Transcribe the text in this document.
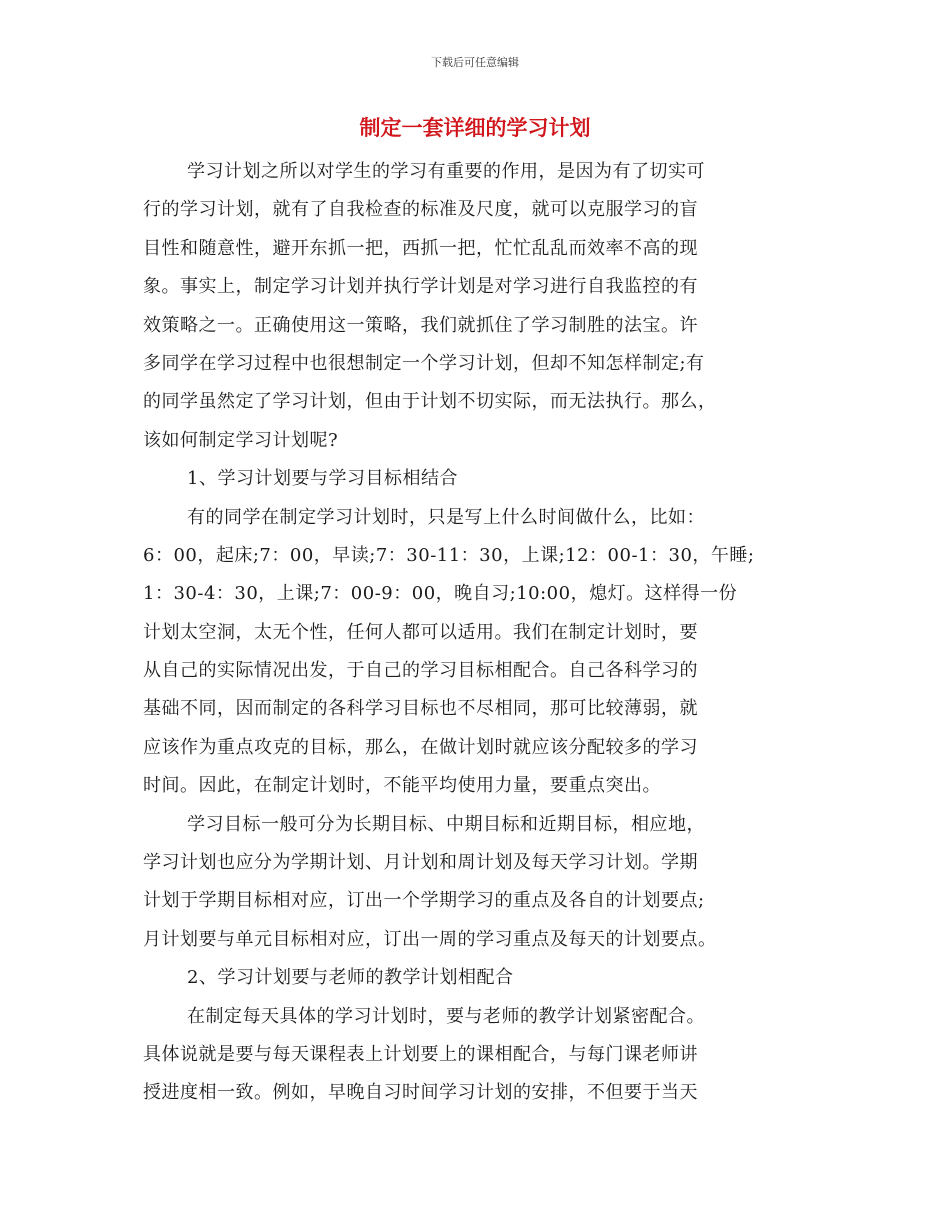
下载后可任意编辑
制定一套详细的学习计划
学习计划之所以对学生的学习有重要的作用，是因为有了切实可
行的学习计划，就有了自我检查的标准及尺度，就可以克服学习的盲
目性和随意性，避开东抓一把，西抓一把，忙忙乱乱而效率不高的现
象。事实上，制定学习计划并执行学计划是对学习进行自我监控的有
效策略之一。正确使用这一策略，我们就抓住了学习制胜的法宝。许
多同学在学习过程中也很想制定一个学习计划，但却不知怎样制定;有
的同学虽然定了学习计划，但由于计划不切实际，而无法执行。那么，
该如何制定学习计划呢?
1、学习计划要与学习目标相结合
有的同学在制定学习计划时，只是写上什么时间做什么，比如：
6：00，起床;7：00，早读;7：30-11：30，上课;12：00-1：30，午睡;
1：30-4：30，上课;7：00-9：00，晚自习;10:00，熄灯。这样得一份
计划太空洞，太无个性，任何人都可以适用。我们在制定计划时，要
从自己的实际情况出发，于自己的学习目标相配合。自己各科学习的
基础不同，因而制定的各科学习目标也不尽相同，那可比较薄弱，就
应该作为重点攻克的目标，那么，在做计划时就应该分配较多的学习
时间。因此，在制定计划时，不能平均使用力量，要重点突出。
学习目标一般可分为长期目标、中期目标和近期目标，相应地，
学习计划也应分为学期计划、月计划和周计划及每天学习计划。学期
计划于学期目标相对应，订出一个学期学习的重点及各自的计划要点;
月计划要与单元目标相对应，订出一周的学习重点及每天的计划要点。
2、学习计划要与老师的教学计划相配合
在制定每天具体的学习计划时，要与老师的教学计划紧密配合。
具体说就是要与每天课程表上计划要上的课相配合，与每门课老师讲
授进度相一致。例如，早晚自习时间学习计划的安排，不但要于当天
